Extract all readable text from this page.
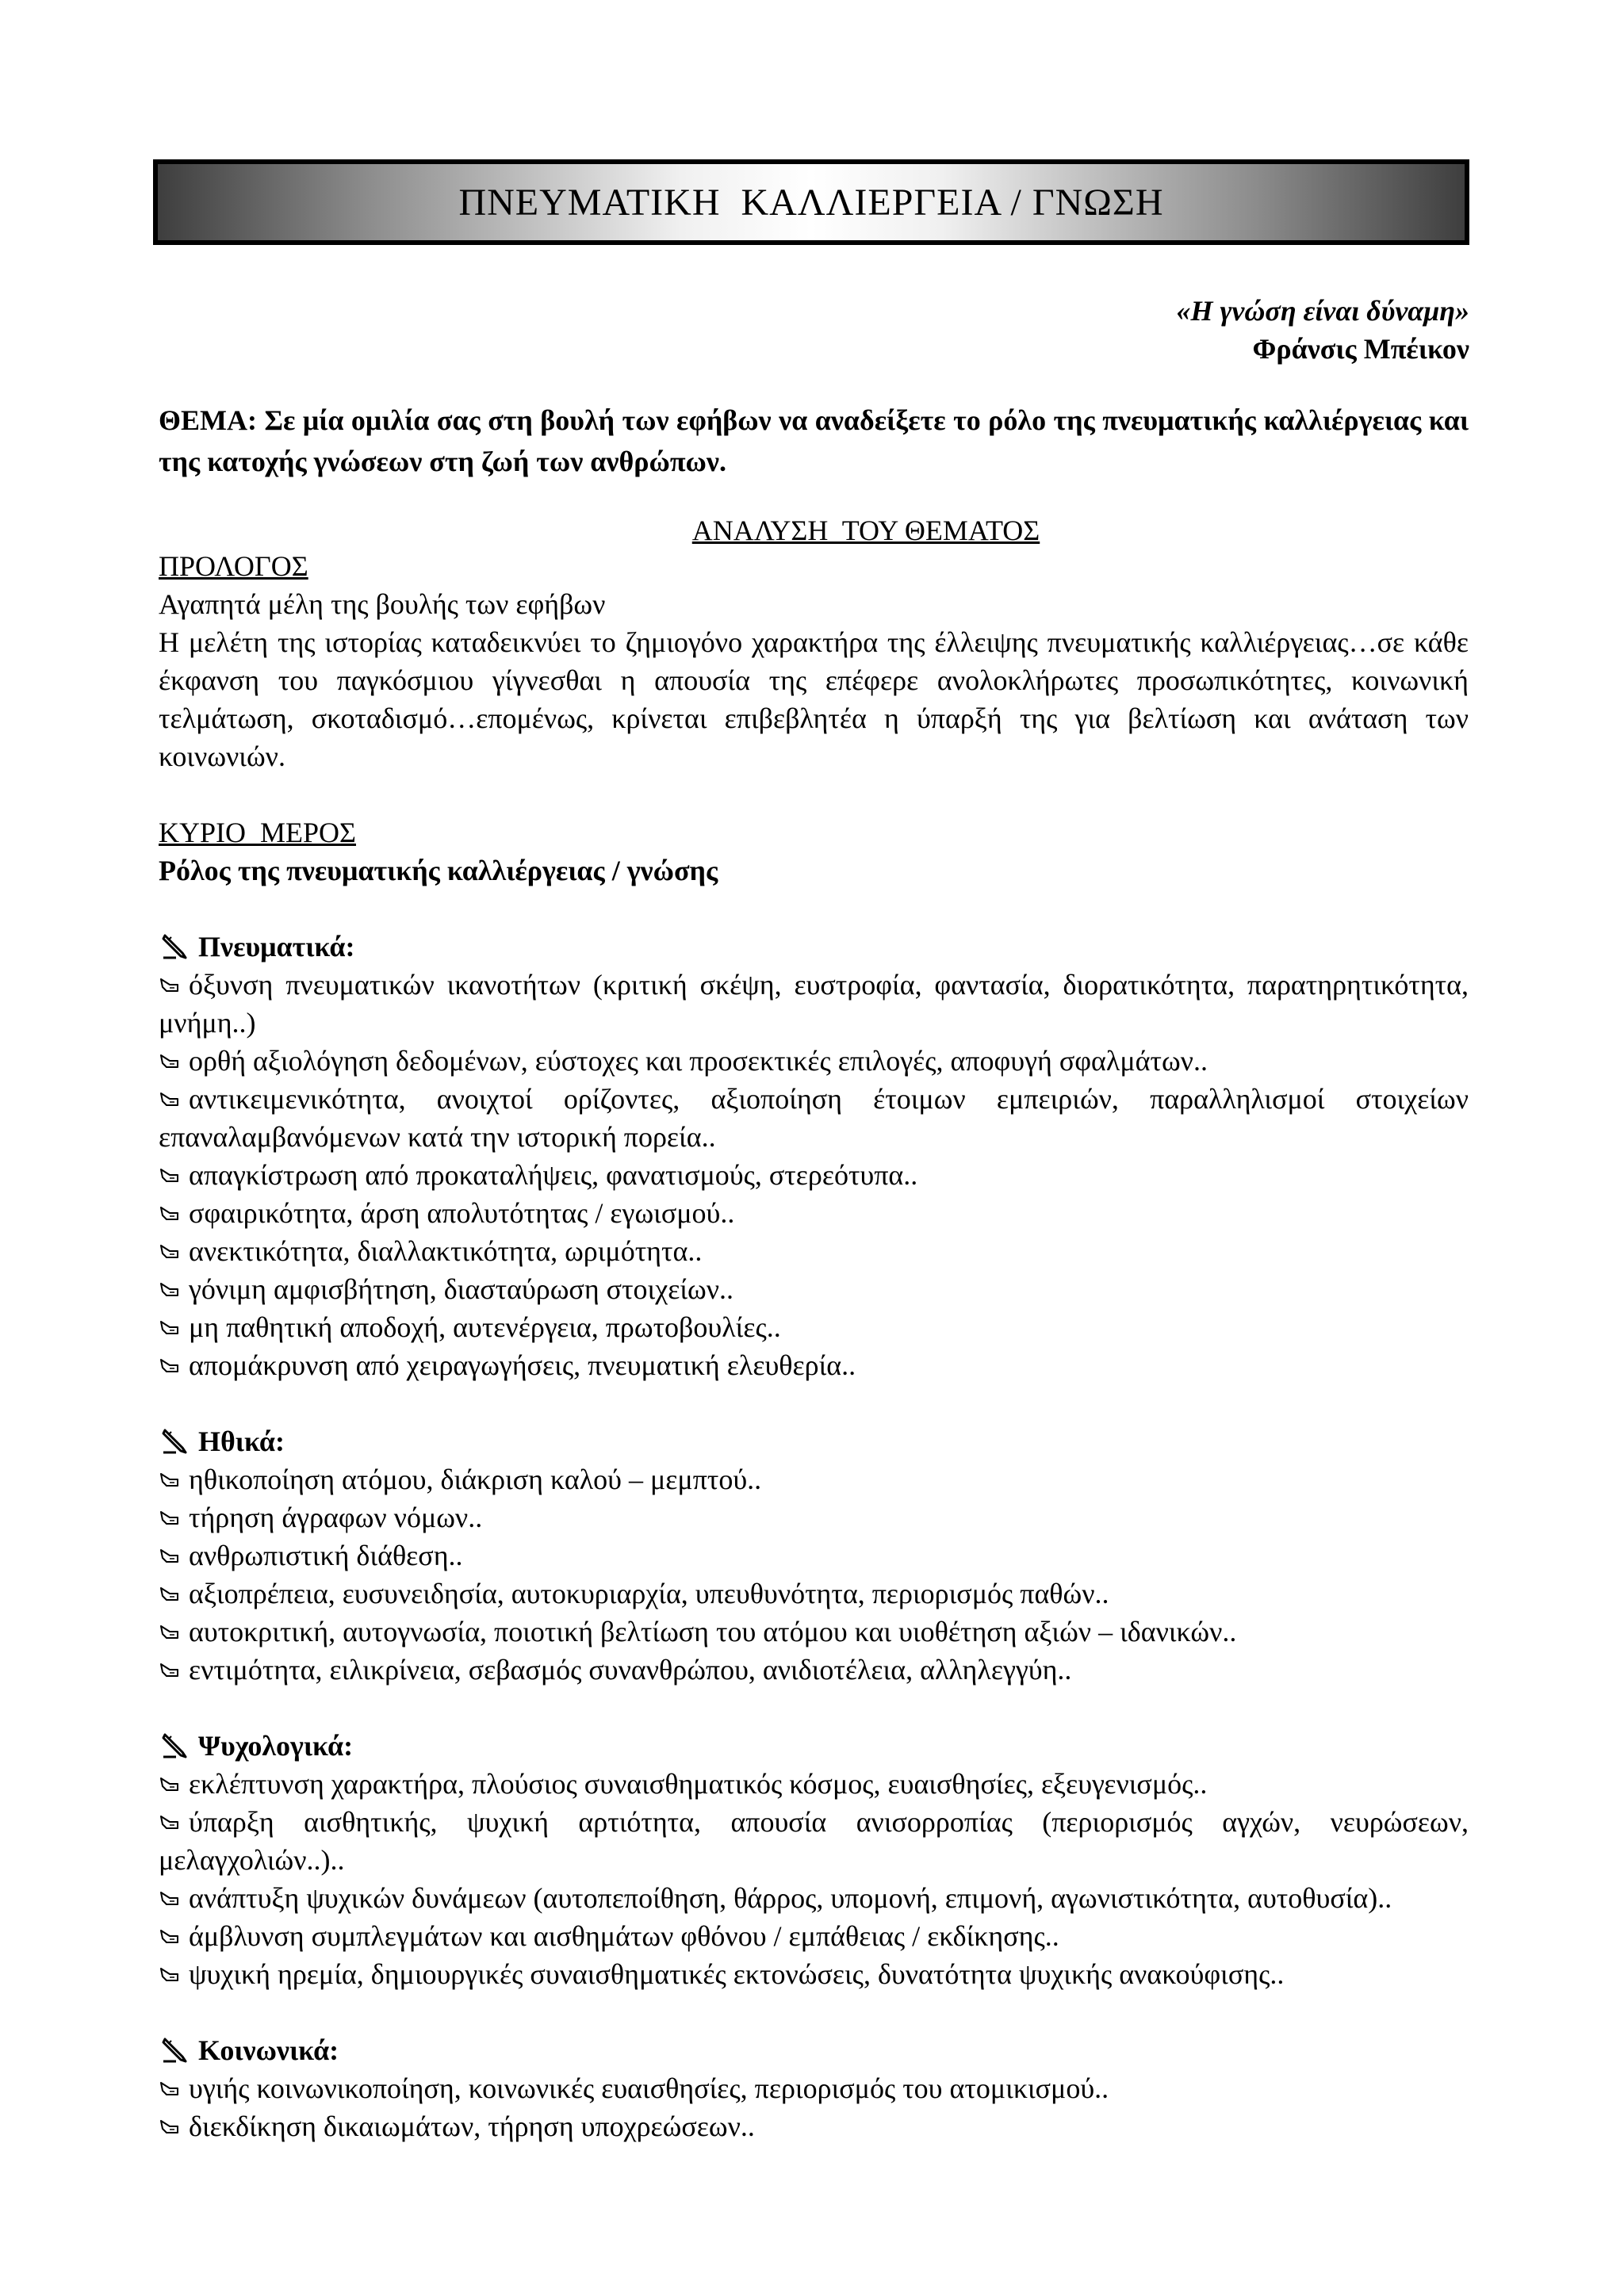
ΠΝΕΥΜΑΤΙΚΗ  ΚΑΛΛΙΕΡΓΕΙΑ / ΓΝΩΣΗ
«Η γνώση είναι δύναμη»
Φράνσις Μπέικον
ΘΕΜΑ: Σε μία ομιλία σας στη βουλή των εφήβων να αναδείξετε το ρόλο της πνευματικής καλλιέργειας και της κατοχής γνώσεων στη ζωή των ανθρώπων.
ΑΝΑΛΥΣΗ  ΤΟΥ ΘΕΜΑΤΟΣ
ΠΡΟΛΟΓΟΣ
Αγαπητά μέλη της βουλής των εφήβων
Η μελέτη της ιστορίας καταδεικνύει το ζημιογόνο χαρακτήρα της έλλειψης πνευματικής καλλιέργειας…σε κάθε έκφανση του παγκόσμιου γίγνεσθαι η απουσία της επέφερε ανολοκλήρωτες προσωπικότητες, κοινωνική τελμάτωση, σκοταδισμό…επομένως, κρίνεται επιβεβλητέα η ύπαρξή της για βελτίωση και ανάταση των κοινωνιών.
ΚΥΡΙΟ  ΜΕΡΟΣ
Ρόλος της πνευματικής καλλιέργειας / γνώσης
Πνευματικά:
όξυνση πνευματικών ικανοτήτων (κριτική σκέψη, ευστροφία, φαντασία, διορατικότητα, παρατηρητικότητα, μνήμη..)
ορθή αξιολόγηση δεδομένων, εύστοχες και προσεκτικές επιλογές, αποφυγή σφαλμάτων..
αντικειμενικότητα, ανοιχτοί ορίζοντες, αξιοποίηση έτοιμων εμπειριών, παραλληλισμοί στοιχείων επαναλαμβανόμενων κατά την ιστορική πορεία..
απαγκίστρωση από προκαταλήψεις, φανατισμούς, στερεότυπα..
σφαιρικότητα, άρση απολυτότητας / εγωισμού..
ανεκτικότητα, διαλλακτικότητα, ωριμότητα..
γόνιμη αμφισβήτηση, διασταύρωση στοιχείων..
μη παθητική αποδοχή, αυτενέργεια, πρωτοβουλίες..
απομάκρυνση από χειραγωγήσεις, πνευματική ελευθερία..
Ηθικά:
ηθικοποίηση ατόμου, διάκριση καλού – μεμπτού..
τήρηση άγραφων νόμων..
ανθρωπιστική διάθεση..
αξιοπρέπεια, ευσυνειδησία, αυτοκυριαρχία, υπευθυνότητα, περιορισμός παθών..
αυτοκριτική, αυτογνωσία, ποιοτική βελτίωση του ατόμου και υιοθέτηση αξιών – ιδανικών..
εντιμότητα, ειλικρίνεια, σεβασμός συνανθρώπου, ανιδιοτέλεια, αλληλεγγύη..
Ψυχολογικά:
εκλέπτυνση χαρακτήρα, πλούσιος συναισθηματικός κόσμος, ευαισθησίες, εξευγενισμός..
ύπαρξη αισθητικής, ψυχική αρτιότητα, απουσία ανισορροπίας (περιορισμός αγχών, νευρώσεων, μελαγχολιών..)..
ανάπτυξη ψυχικών δυνάμεων (αυτοπεποίθηση, θάρρος, υπομονή, επιμονή, αγωνιστικότητα, αυτοθυσία)..
άμβλυνση συμπλεγμάτων και αισθημάτων φθόνου / εμπάθειας / εκδίκησης..
ψυχική ηρεμία, δημιουργικές συναισθηματικές εκτονώσεις, δυνατότητα ψυχικής ανακούφισης..
Κοινωνικά:
υγιής κοινωνικοποίηση, κοινωνικές ευαισθησίες, περιορισμός του ατομικισμού..
διεκδίκηση δικαιωμάτων, τήρηση υποχρεώσεων..
